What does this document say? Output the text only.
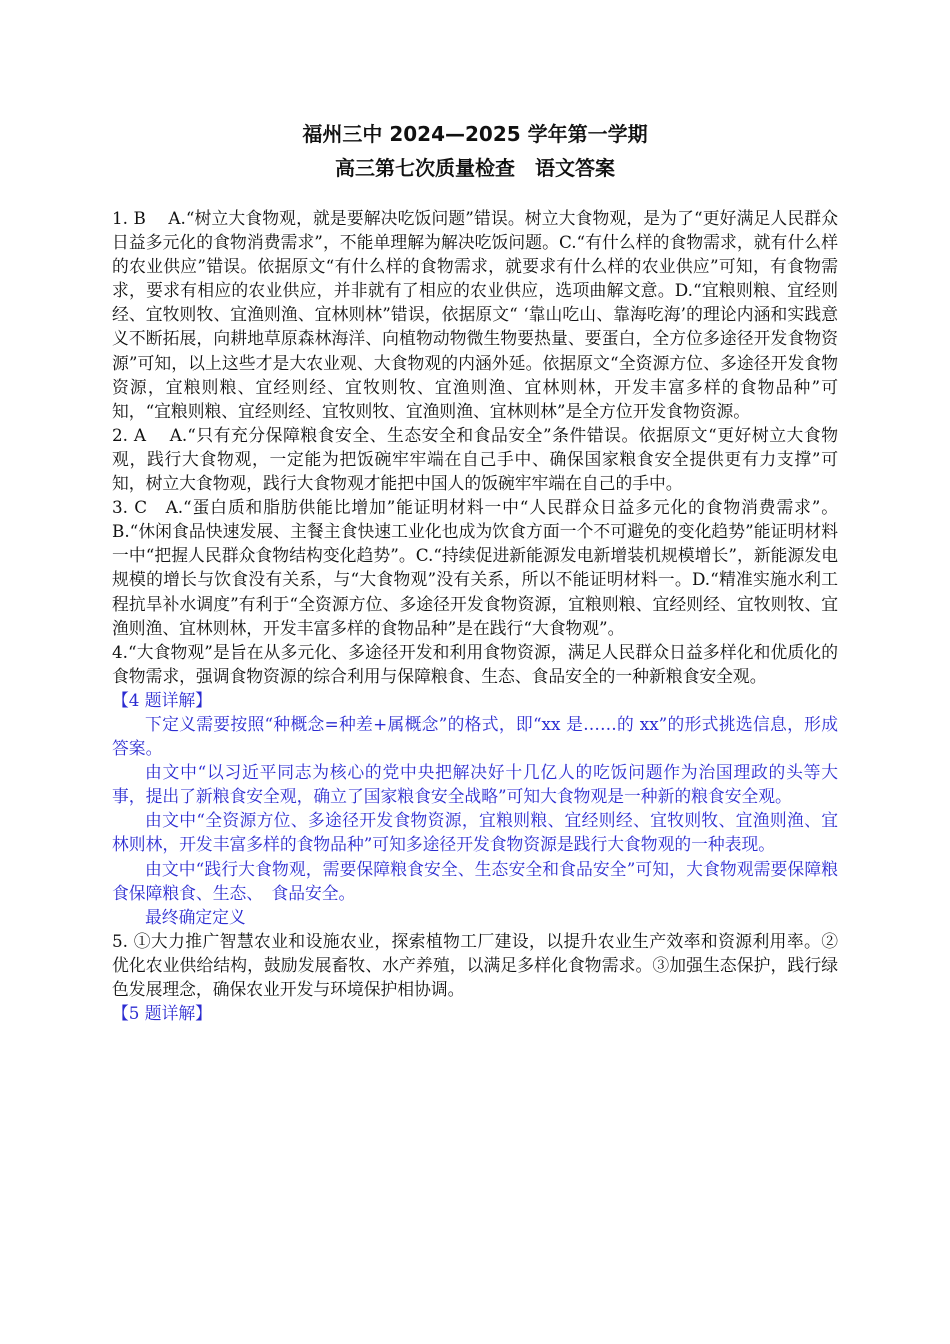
福州三中 2024—2025 学年第一学期
高三第七次质量检查　语文答案

1. B　 A.“树立大食物观，就是要解决吃饭问题”错误。树立大食物观，是为了“更好满足人民群众日益多元化的食物消费需求”，不能单理解为解决吃饭问题。C.“有什么样的食物需求，就有什么样的农业供应”错误。依据原文“有什么样的食物需求，就要求有什么样的农业供应”可知，有食物需求，要求有相应的农业供应，并非就有了相应的农业供应，选项曲解文意。D.“宜粮则粮、宜经则经、宜牧则牧、宜渔则渔、宜林则林”错误，依据原文“ ‘靠山吃山、靠海吃海’的理论内涵和实践意义不断拓展，向耕地草原森林海洋、向植物动物微生物要热量、要蛋白，全方位多途径开发食物资源”可知，以上这些才是大农业观、大食物观的内涵外延。依据原文“全资源方位、多途径开发食物资源，宜粮则粮、宜经则经、宜牧则牧、宜渔则渔、宜林则林，开发丰富多样的食物品种”可知，“宜粮则粮、宜经则经、宜牧则牧、宜渔则渔、宜林则林”是全方位开发食物资源。

2. A　 A.“只有充分保障粮食安全、生态安全和食品安全”条件错误。依据原文“更好树立大食物观，践行大食物观，一定能为把饭碗牢牢端在自己手中、确保国家粮食安全提供更有力支撑”可知，树立大食物观，践行大食物观才能把中国人的饭碗牢牢端在自己的手中。

3. C　A.“蛋白质和脂肪供能比增加”能证明材料一中“人民群众日益多元化的食物消费需求”。B.“休闲食品快速发展、主餐主食快速工业化也成为饮食方面一个不可避免的变化趋势”能证明材料一中“把握人民群众食物结构变化趋势”。C.“持续促进新能源发电新增装机规模增长”，新能源发电规模的增长与饮食没有关系，与“大食物观”没有关系，所以不能证明材料一。D.“精准实施水利工程抗旱补水调度”有利于“全资源方位、多途径开发食物资源，宜粮则粮、宜经则经、宜牧则牧、宜渔则渔、宜林则林，开发丰富多样的食物品种”是在践行“大食物观”。

4.“大食物观”是旨在从多元化、多途径开发和利用食物资源，满足人民群众日益多样化和优质化的食物需求，强调食物资源的综合利用与保障粮食、生态、食品安全的一种新粮食安全观。

【4 题详解】

下定义需要按照“种概念=种差+属概念”的格式，即“xx 是……的 xx”的形式挑选信息，形成答案。

由文中“以习近平同志为核心的党中央把解决好十几亿人的吃饭问题作为治国理政的头等大事，提出了新粮食安全观，确立了国家粮食安全战略”可知大食物观是一种新的粮食安全观。

由文中“全资源方位、多途径开发食物资源，宜粮则粮、宜经则经、宜牧则牧、宜渔则渔、宜林则林，开发丰富多样的食物品种”可知多途径开发食物资源是践行大食物观的一种表现。

由文中“践行大食物观，需要保障粮食安全、生态安全和食品安全”可知，大食物观需要保障粮食保障粮食、生态、　食品安全。

最终确定定义

5. ①大力推广智慧农业和设施农业，探索植物工厂建设，以提升农业生产效率和资源利用率。②优化农业供给结构，鼓励发展畜牧、水产养殖，以满足多样化食物需求。③加强生态保护，践行绿色发展理念，确保农业开发与环境保护相协调。

【5 题详解】
